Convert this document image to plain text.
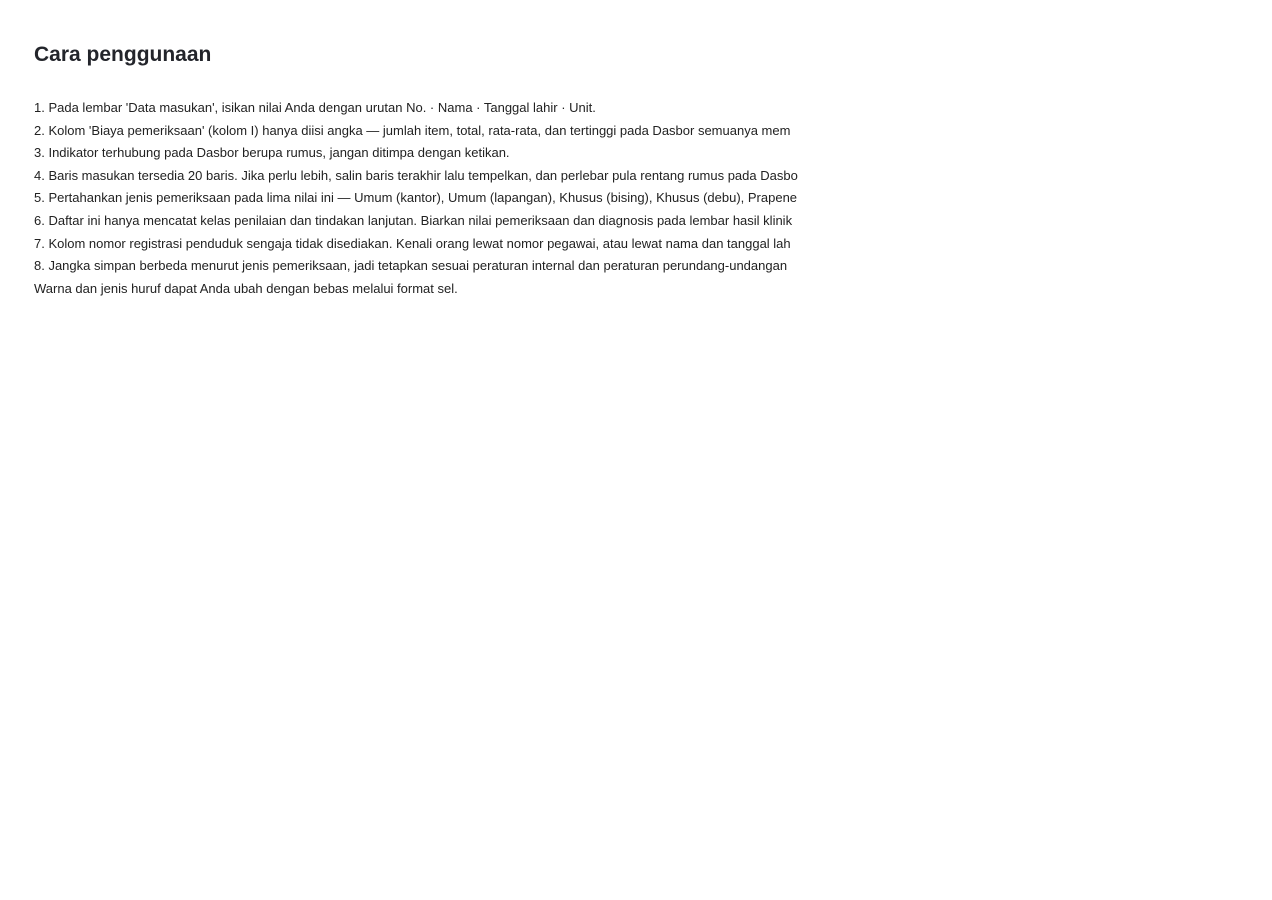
Cara penggunaan
1. Pada lembar 'Data masukan', isikan nilai Anda dengan urutan No. · Nama · Tanggal lahir · Unit.
2. Kolom 'Biaya pemeriksaan' (kolom I) hanya diisi angka — jumlah item, total, rata-rata, dan tertinggi pada Dasbor semuanya mem
3. Indikator terhubung pada Dasbor berupa rumus, jangan ditimpa dengan ketikan.
4. Baris masukan tersedia 20 baris. Jika perlu lebih, salin baris terakhir lalu tempelkan, dan perlebar pula rentang rumus pada Dasbo
5. Pertahankan jenis pemeriksaan pada lima nilai ini — Umum (kantor), Umum (lapangan), Khusus (bising), Khusus (debu), Prapene
6. Daftar ini hanya mencatat kelas penilaian dan tindakan lanjutan. Biarkan nilai pemeriksaan dan diagnosis pada lembar hasil klinik
7. Kolom nomor registrasi penduduk sengaja tidak disediakan. Kenali orang lewat nomor pegawai, atau lewat nama dan tanggal lah
8. Jangka simpan berbeda menurut jenis pemeriksaan, jadi tetapkan sesuai peraturan internal dan peraturan perundang-undangan
Warna dan jenis huruf dapat Anda ubah dengan bebas melalui format sel.
